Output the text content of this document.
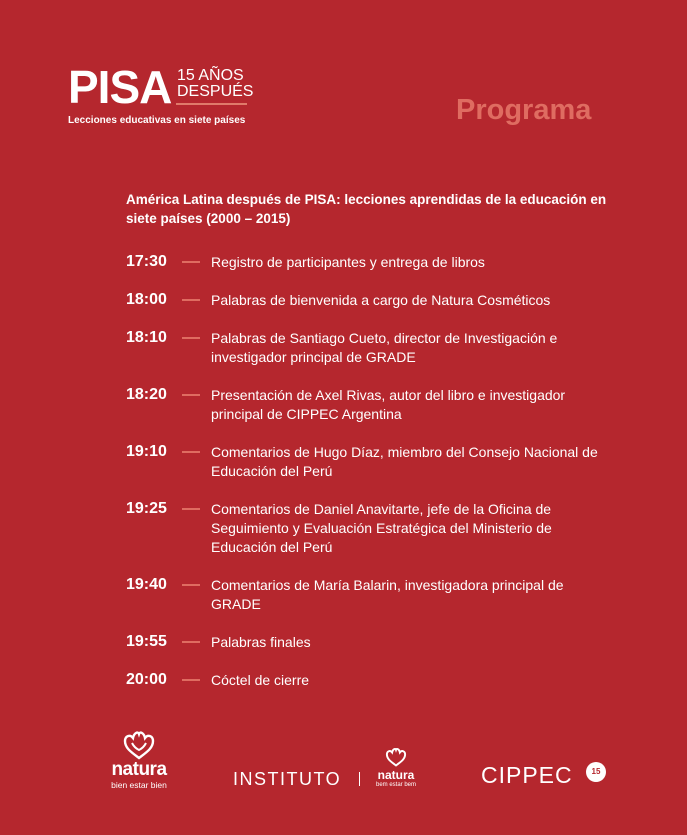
PISA 15 AÑOS
DESPUÉS
Lecciones educativas en siete países	Programa
América Latina después de PISA: lecciones aprendidas de la educación en siete países (2000 – 2015)
17:30	Registro de participantes y entrega de libros
18:00	Palabras de bienvenida a cargo de Natura Cosméticos
18:10	Palabras de Santiago Cueto, director de Investigación e investigador principal de GRADE
18:20	Presentación de Axel Rivas, autor del libro e investigador principal de CIPPEC Argentina
19:10	Comentarios de Hugo Díaz, miembro del Consejo Nacional de Educación del Perú
19:25	Comentarios de Daniel Anavitarte, jefe de la Oficina de Seguimiento y Evaluación Estratégica del Ministerio de Educación del Perú
19:40	Comentarios de María Balarin, investigadora principal de GRADE
19:55	Palabras finales
20:00	Cóctel de cierre
natura
bien estar bien	INSTITUTO	natura
bem estar bem	CIPPEC	15
